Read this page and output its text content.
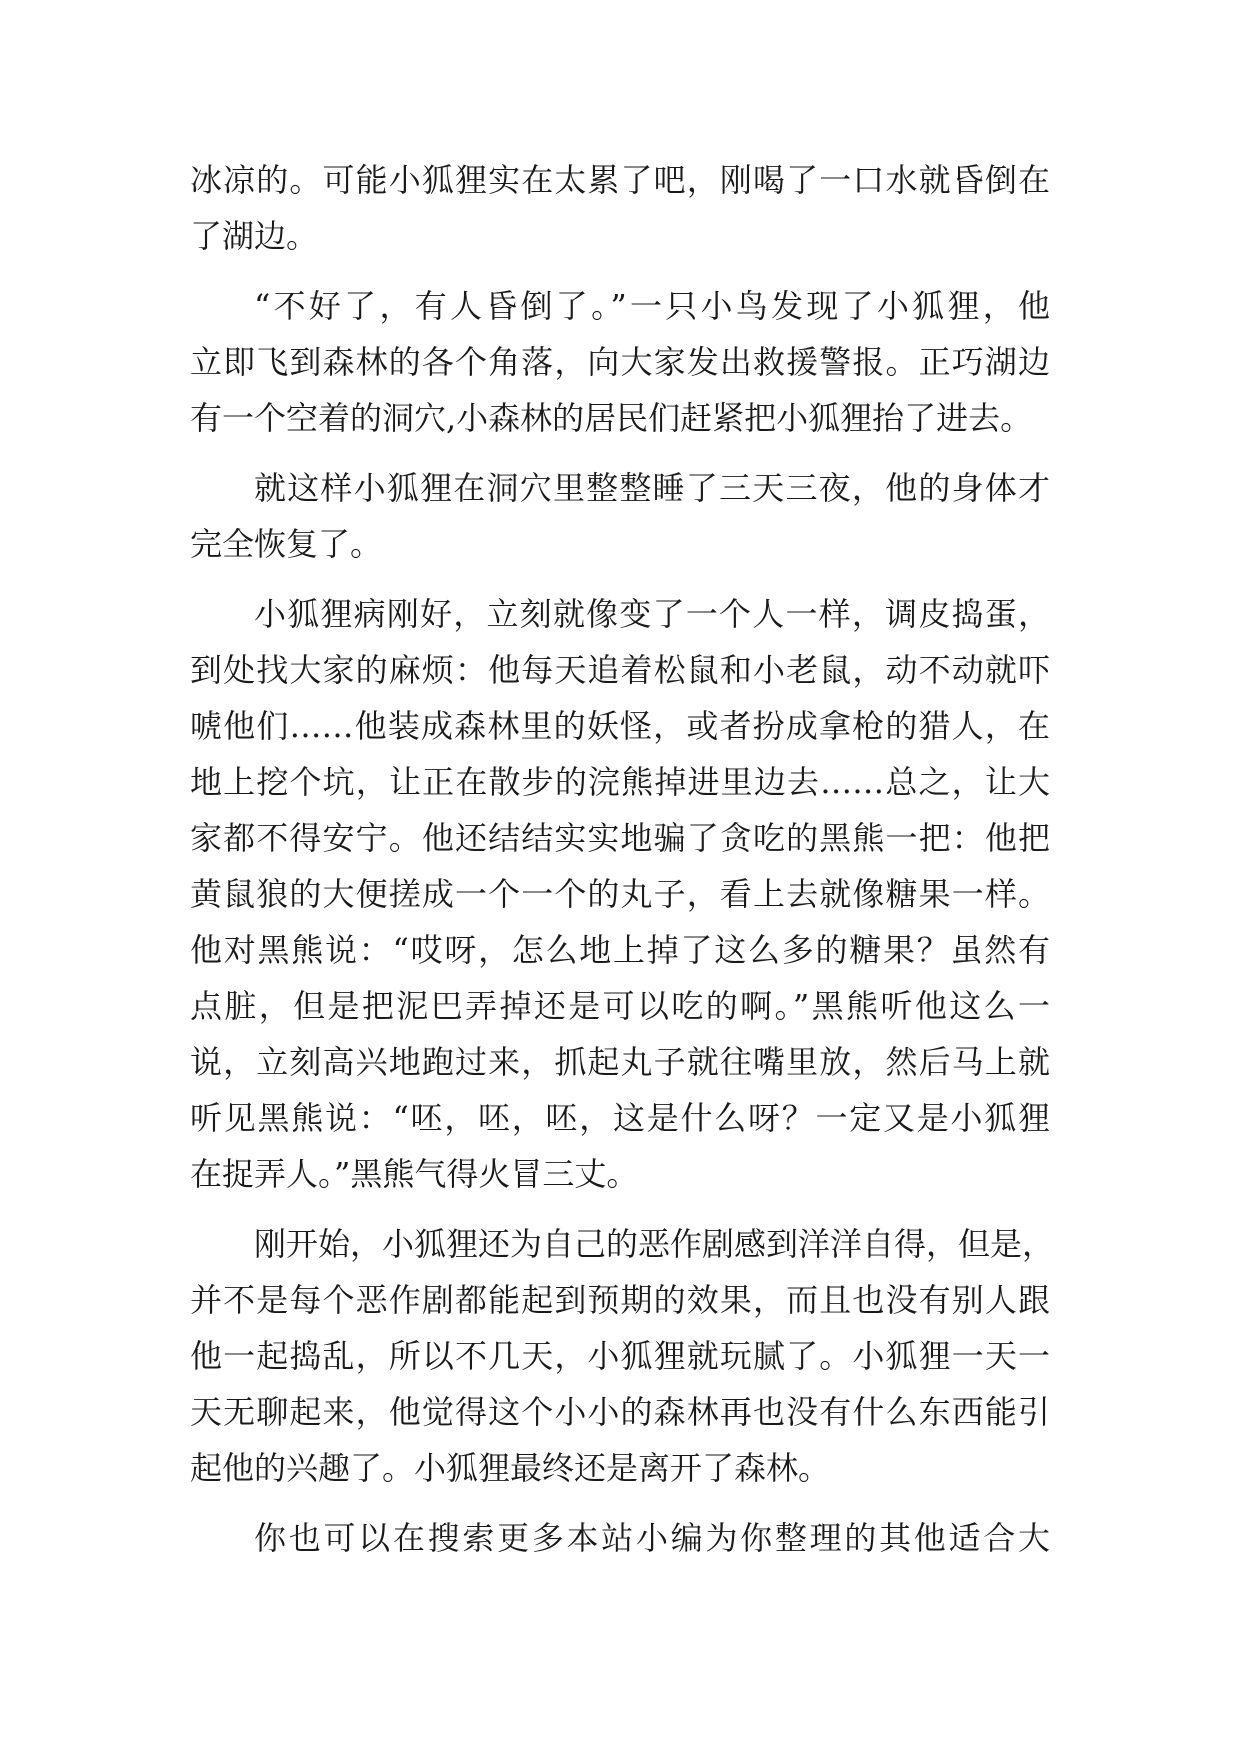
冰凉的。可能小狐狸实在太累了吧，刚喝了一口水就昏倒在
了湖边。
“不好了，有人昏倒了。”一只小鸟发现了小狐狸，他
立即飞到森林的各个角落，向大家发出救援警报。正巧湖边
有一个空着的洞穴,小森林的居民们赶紧把小狐狸抬了进去。
就这样小狐狸在洞穴里整整睡了三天三夜，他的身体才
完全恢复了。
小狐狸病刚好，立刻就像变了一个人一样，调皮捣蛋，
到处找大家的麻烦：他每天追着松鼠和小老鼠，动不动就吓
唬他们……他装成森林里的妖怪，或者扮成拿枪的猎人，在
地上挖个坑，让正在散步的浣熊掉进里边去……总之，让大
家都不得安宁。他还结结实实地骗了贪吃的黑熊一把：他把
黄鼠狼的大便搓成一个一个的丸子，看上去就像糖果一样。
他对黑熊说：“哎呀，怎么地上掉了这么多的糖果？虽然有
点脏，但是把泥巴弄掉还是可以吃的啊。”黑熊听他这么一
说，立刻高兴地跑过来，抓起丸子就往嘴里放，然后马上就
听见黑熊说：“呸，呸，呸，这是什么呀？一定又是小狐狸
在捉弄人。”黑熊气得火冒三丈。
刚开始，小狐狸还为自己的恶作剧感到洋洋自得，但是，
并不是每个恶作剧都能起到预期的效果，而且也没有别人跟
他一起捣乱，所以不几天，小狐狸就玩腻了。小狐狸一天一
天无聊起来，他觉得这个小小的森林再也没有什么东西能引
起他的兴趣了。小狐狸最终还是离开了森林。
你也可以在搜索更多本站小编为你整理的其他适合大
